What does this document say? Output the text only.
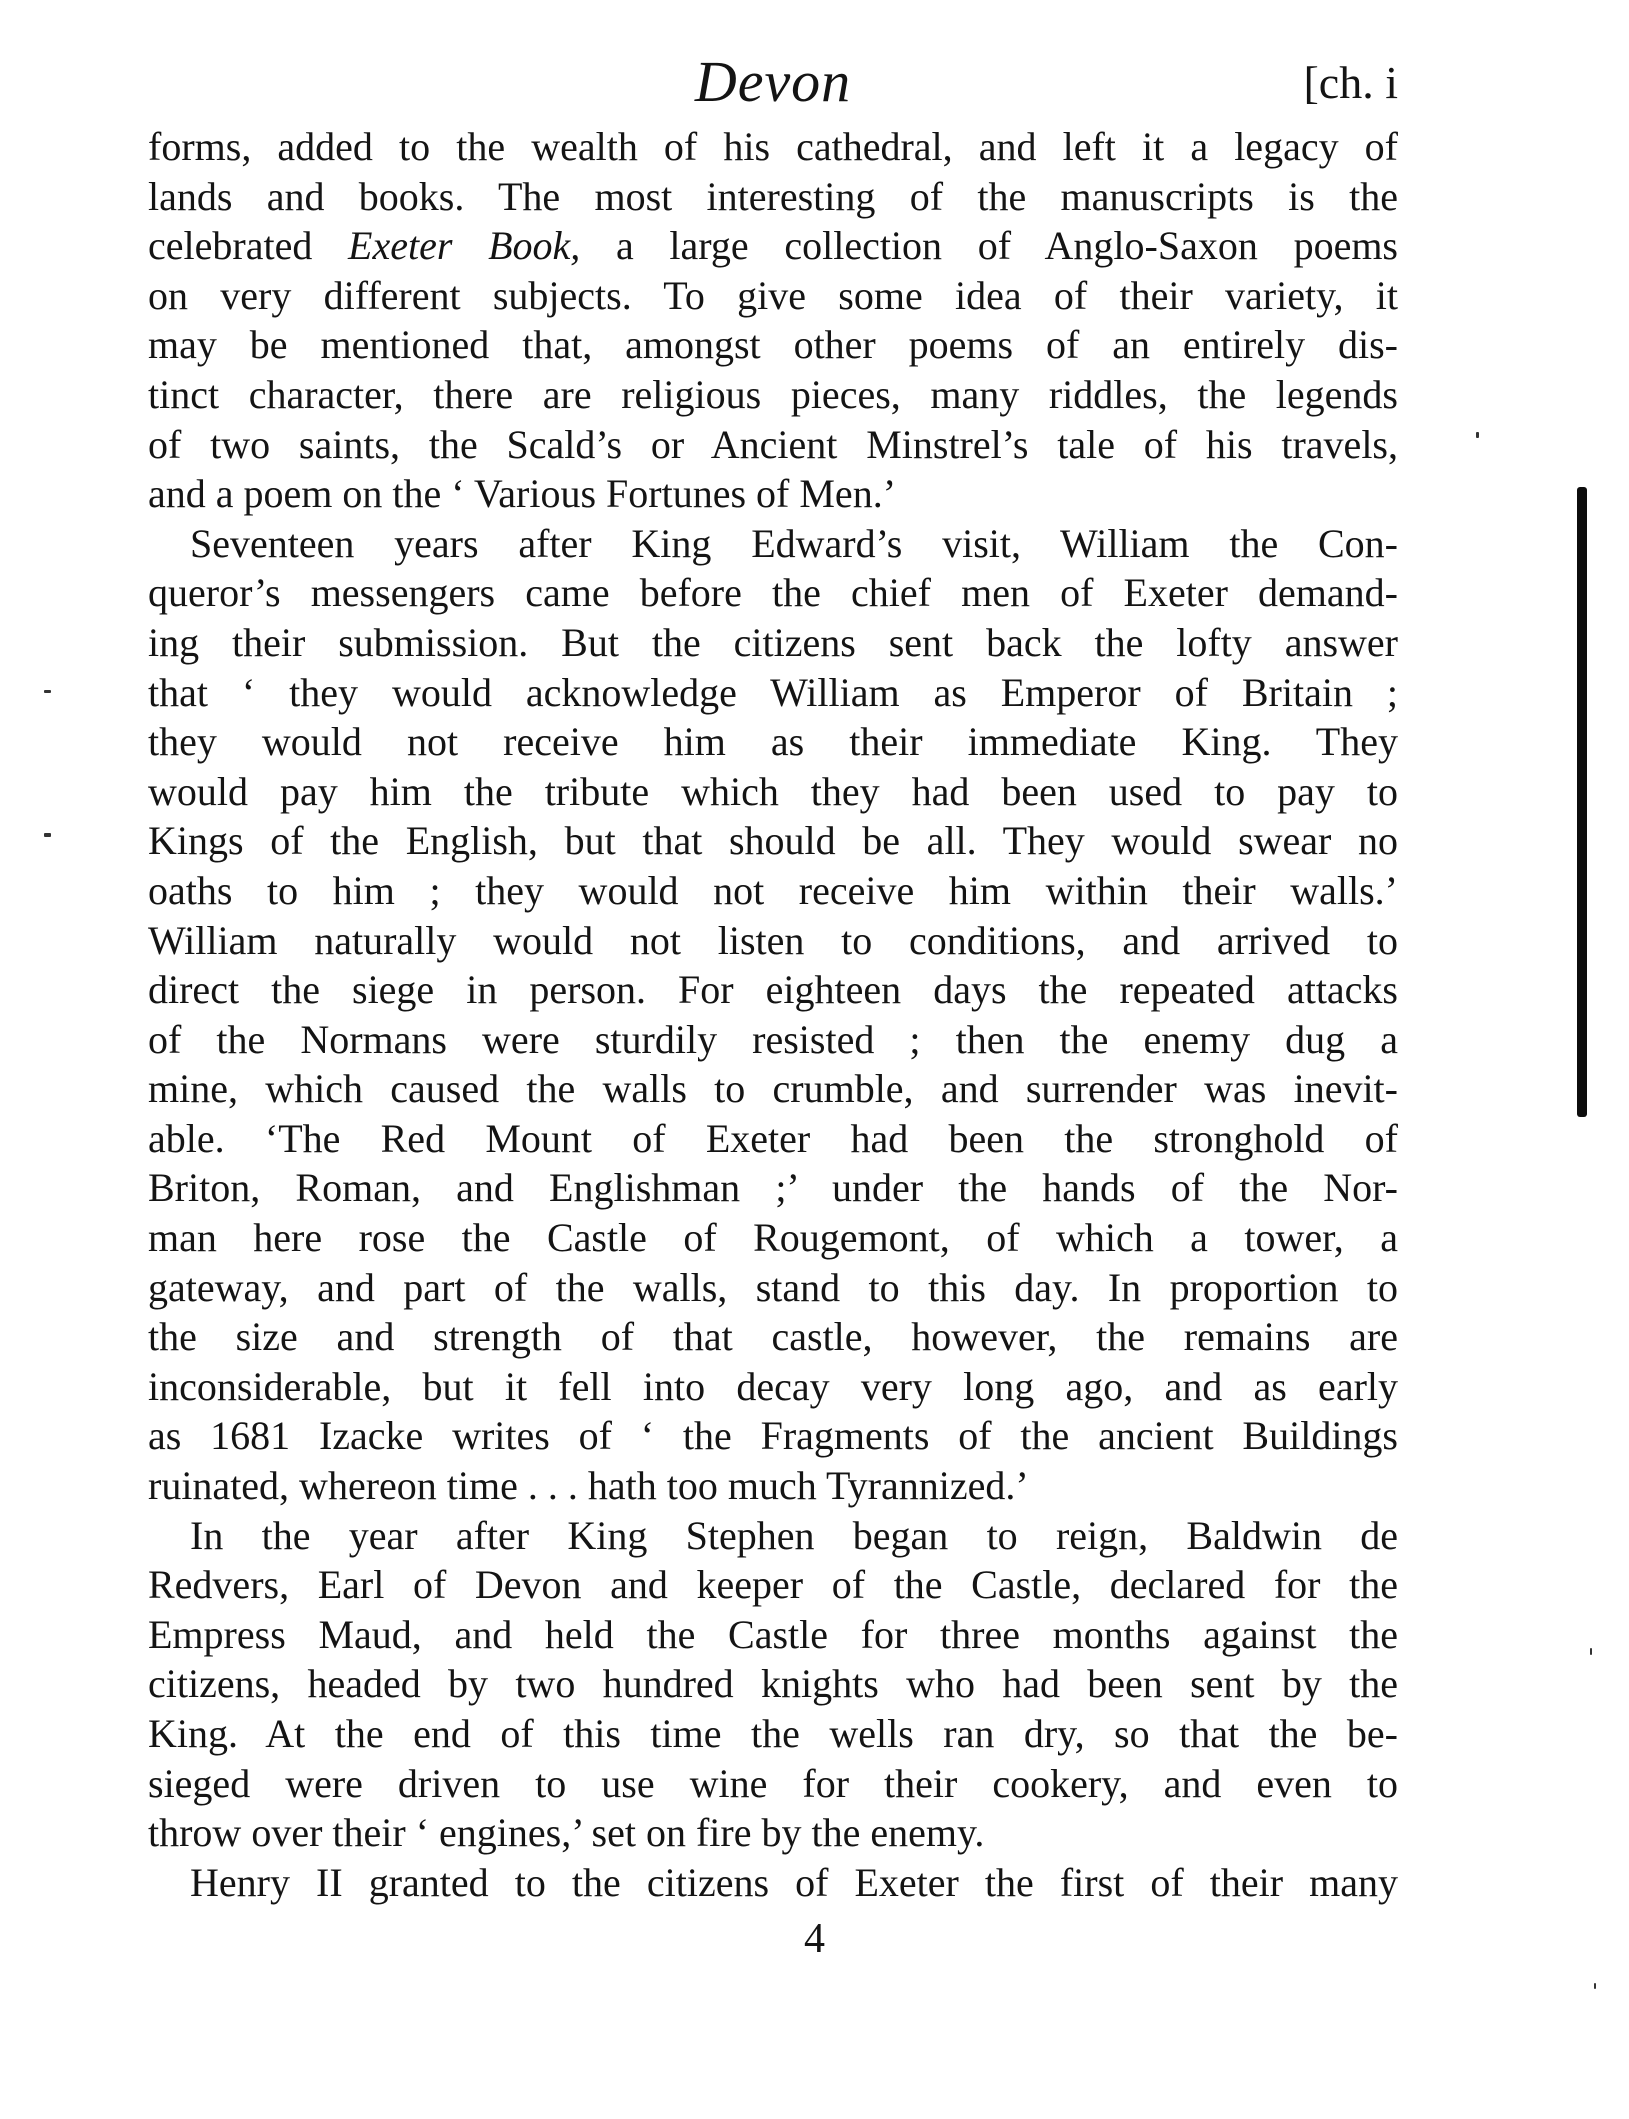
Devon	[ch. i
forms, added to the wealth of his cathedral, and left it a legacy of
lands and books. The most interesting of the manuscripts is the
celebrated Exeter Book, a large collection of Anglo-Saxon poems
on very different subjects. To give some idea of their variety, it
may be mentioned that, amongst other poems of an entirely dis-
tinct character, there are religious pieces, many riddles, the legends
of two saints, the Scald’s or Ancient Minstrel’s tale of his travels,
and a poem on the ‘ Various Fortunes of Men.’
Seventeen years after King Edward’s visit, William the Con-
queror’s messengers came before the chief men of Exeter demand-
ing their submission. But the citizens sent back the lofty answer
that ‘ they would acknowledge William as Emperor of Britain ;
they would not receive him as their immediate King. They
would pay him the tribute which they had been used to pay to
Kings of the English, but that should be all. They would swear no
oaths to him ; they would not receive him within their walls.’
William naturally would not listen to conditions, and arrived to
direct the siege in person. For eighteen days the repeated attacks
of the Normans were sturdily resisted ; then the enemy dug a
mine, which caused the walls to crumble, and surrender was inevit-
able. ‘The Red Mount of Exeter had been the stronghold of
Briton, Roman, and Englishman ;’ under the hands of the Nor-
man here rose the Castle of Rougemont, of which a tower, a
gateway, and part of the walls, stand to this day. In proportion to
the size and strength of that castle, however, the remains are
inconsiderable, but it fell into decay very long ago, and as early
as 1681 Izacke writes of ‘ the Fragments of the ancient Buildings
ruinated, whereon time . . . hath too much Tyrannized.’
In the year after King Stephen began to reign, Baldwin de
Redvers, Earl of Devon and keeper of the Castle, declared for the
Empress Maud, and held the Castle for three months against the
citizens, headed by two hundred knights who had been sent by the
King. At the end of this time the wells ran dry, so that the be-
sieged were driven to use wine for their cookery, and even to
throw over their ‘ engines,’ set on fire by the enemy.
Henry II granted to the citizens of Exeter the first of their many
4
